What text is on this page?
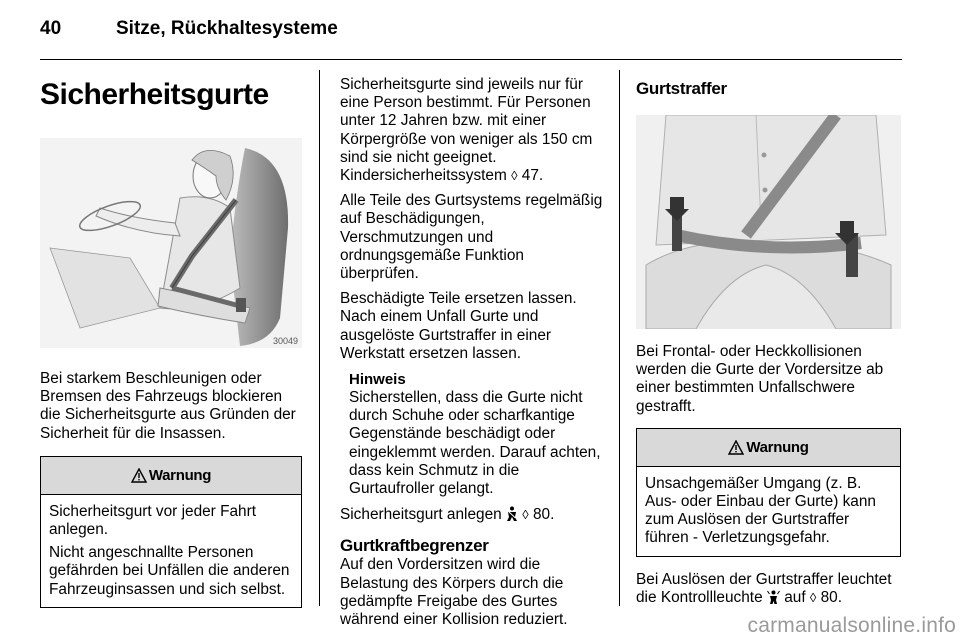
40	Sitze, Rückhaltesysteme
Sicherheitsgurte
30049

Bei starkem Beschleunigen oder Bremsen des Fahrzeugs blockieren die Sicherheitsgurte aus Gründen der Sicherheit für die Insassen.

Warnung

Sicherheitsgurt vor jeder Fahrt anlegen.

Nicht angeschnallte Personen gefährden bei Unfällen die anderen Fahrzeuginsassen und sich selbst.

Sicherheitsgurte sind jeweils nur für eine Person bestimmt. Für Personen unter 12 Jahren bzw. mit einer Körpergröße von weniger als 150 cm sind sie nicht geeignet. Kindersicherheitssystem ◊ 47.

Alle Teile des Gurtsystems regelmäßig auf Beschädigungen, Verschmutzungen und ordnungsgemäße Funktion überprüfen.

Beschädigte Teile ersetzen lassen. Nach einem Unfall Gurte und ausgelöste Gurtstraffer in einer Werkstatt ersetzen lassen.

Hinweis

Sicherstellen, dass die Gurte nicht durch Schuhe oder scharfkantige Gegenstände beschädigt oder eingeklemmt werden. Darauf achten, dass kein Schmutz in die Gurtaufroller gelangt.

Sicherheitsgurt anlegen ◊ 80.

Gurtkraftbegrenzer

Auf den Vordersitzen wird die Belastung des Körpers durch die gedämpfte Freigabe des Gurtes während einer Kollision reduziert.

Gurtstraffer

Bei Frontal- oder Heckkollisionen werden die Gurte der Vordersitze ab einer bestimmten Unfallschwere gestrafft.

Warnung

Unsachgemäßer Umgang (z. B. Aus- oder Einbau der Gurte) kann zum Auslösen der Gurtstraffer führen - Verletzungsgefahr.

Bei Auslösen der Gurtstraffer leuchtet die Kontrollleuchte auf ◊ 80.

carmanualsonline.info
